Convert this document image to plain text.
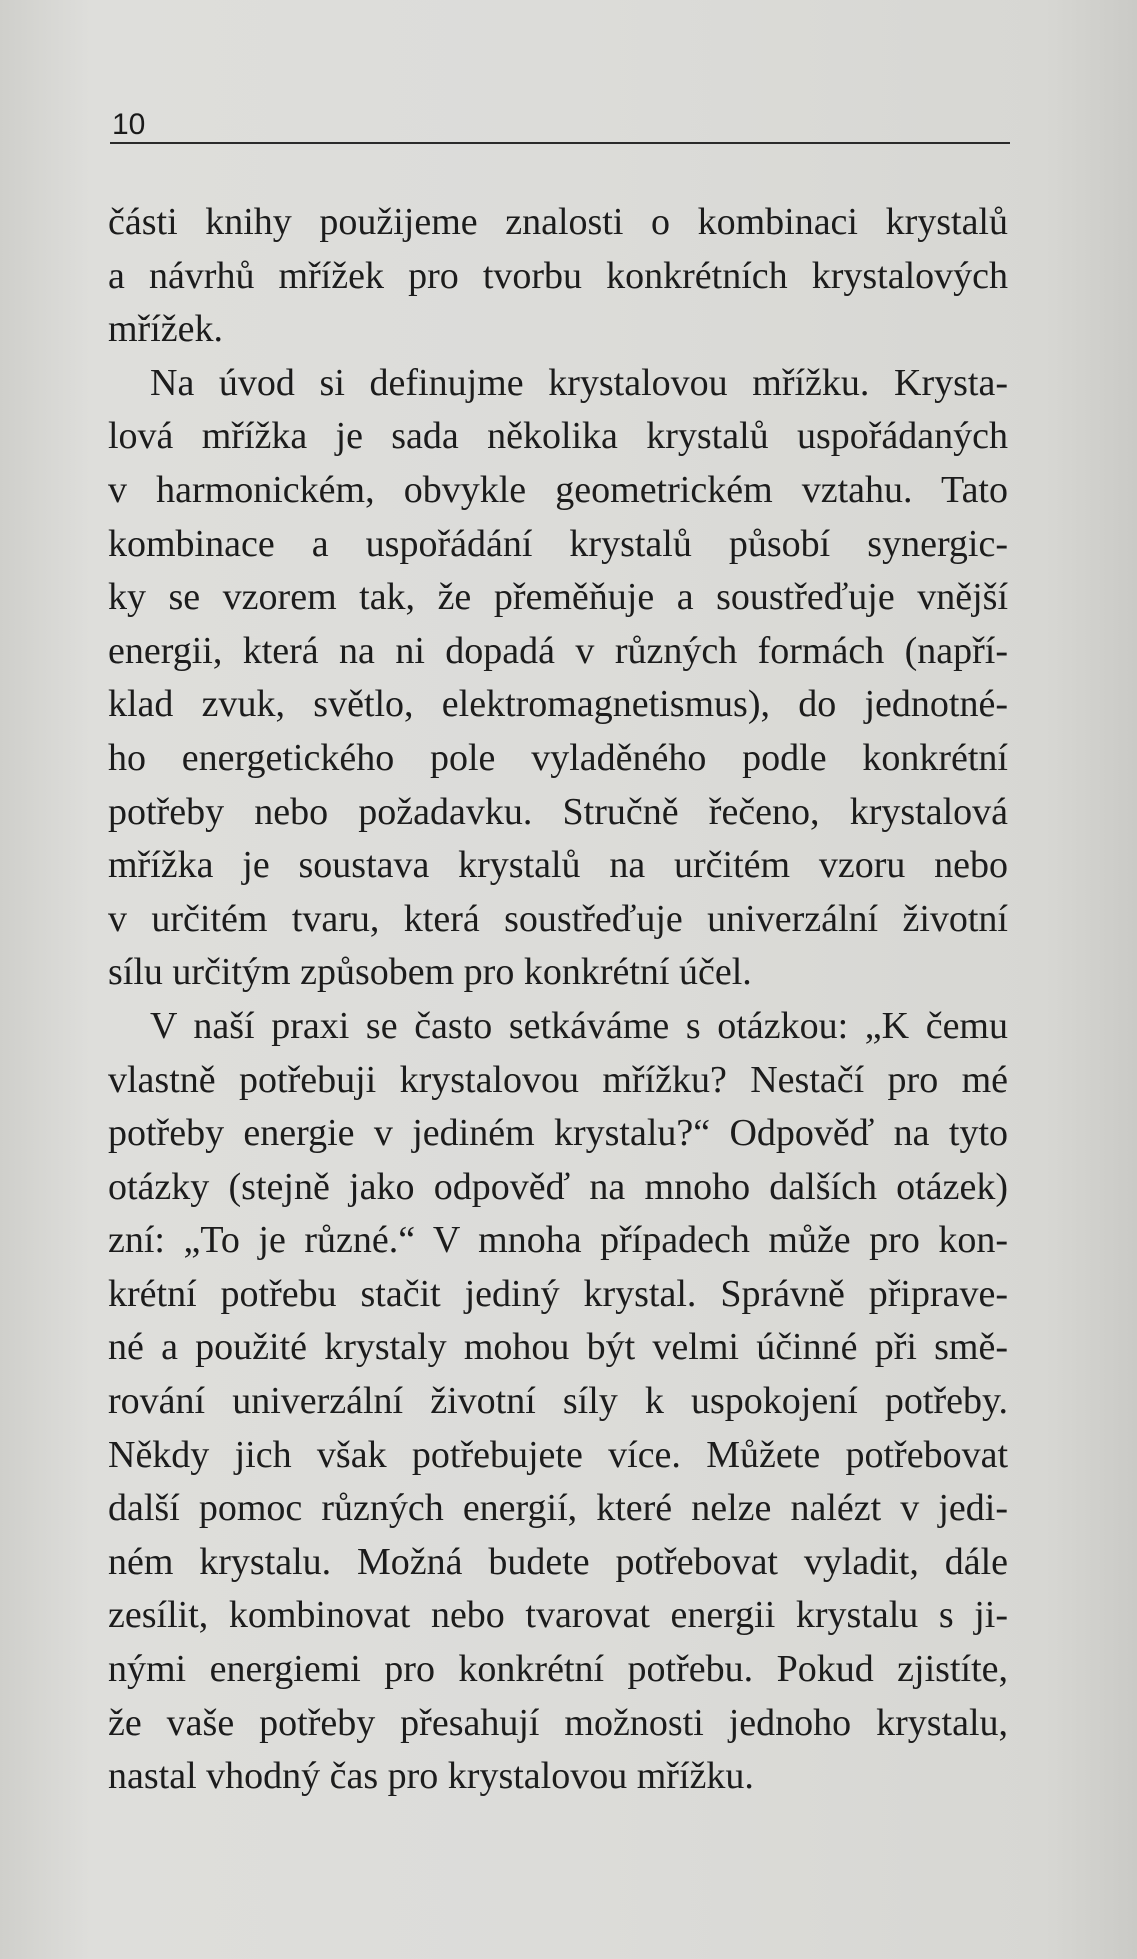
10
části knihy použijeme znalosti o kombinaci krystalů
a návrhů mřížek pro tvorbu konkrétních krystalových
mřížek.
Na úvod si definujme krystalovou mřížku. Krysta-
lová mřížka je sada několika krystalů uspořádaných
v harmonickém, obvykle geometrickém vztahu. Tato
kombinace a uspořádání krystalů působí synergic-
ky se vzorem tak, že přeměňuje a soustřeďuje vnější
energii, která na ni dopadá v různých formách (napří-
klad zvuk, světlo, elektromagnetismus), do jednotné-
ho energetického pole vyladěného podle konkrétní
potřeby nebo požadavku. Stručně řečeno, krystalová
mřížka je soustava krystalů na určitém vzoru nebo
v určitém tvaru, která soustřeďuje univerzální životní
sílu určitým způsobem pro konkrétní účel.
V naší praxi se často setkáváme s otázkou: „K čemu
vlastně potřebuji krystalovou mřížku? Nestačí pro mé
potřeby energie v jediném krystalu?“ Odpověď na tyto
otázky (stejně jako odpověď na mnoho dalších otázek)
zní: „To je různé.“ V mnoha případech může pro kon-
krétní potřebu stačit jediný krystal. Správně připrave-
né a použité krystaly mohou být velmi účinné při smě-
rování univerzální životní síly k uspokojení potřeby.
Někdy jich však potřebujete více. Můžete potřebovat
další pomoc různých energií, které nelze nalézt v jedi-
ném krystalu. Možná budete potřebovat vyladit, dále
zesílit, kombinovat nebo tvarovat energii krystalu s ji-
nými energiemi pro konkrétní potřebu. Pokud zjistíte,
že vaše potřeby přesahují možnosti jednoho krystalu,
nastal vhodný čas pro krystalovou mřížku.
